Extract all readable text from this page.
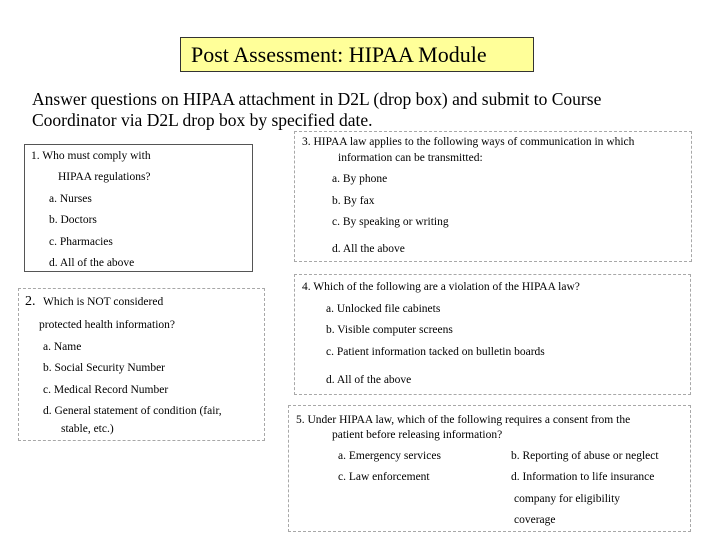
Post Assessment: HIPAA Module
Answer questions on HIPAA attachment in D2L (drop box) and submit to Course Coordinator via D2L drop box by specified date.
1. Who must comply with
HIPAA regulations?
a. Nurses
b. Doctors
c. Pharmacies
d. All of the above
2. Which is NOT considered
protected health information?
a. Name
b. Social Security Number
c. Medical Record Number
d. General statement of condition (fair,
stable, etc.)
3. HIPAA law applies to the following ways of communication in which
information can be transmitted:
a. By phone
b. By fax
c. By speaking or writing
d. All the above
4. Which of the following are a violation of the HIPAA law?
a. Unlocked file cabinets
b. Visible computer screens
c. Patient information tacked on bulletin boards
d. All of the above
5. Under HIPAA law, which of the following requires a consent from the
patient before releasing information?
a. Emergency services	b. Reporting of abuse or neglect
c. Law enforcement	d. Information to life insurance
company for eligibility
coverage
